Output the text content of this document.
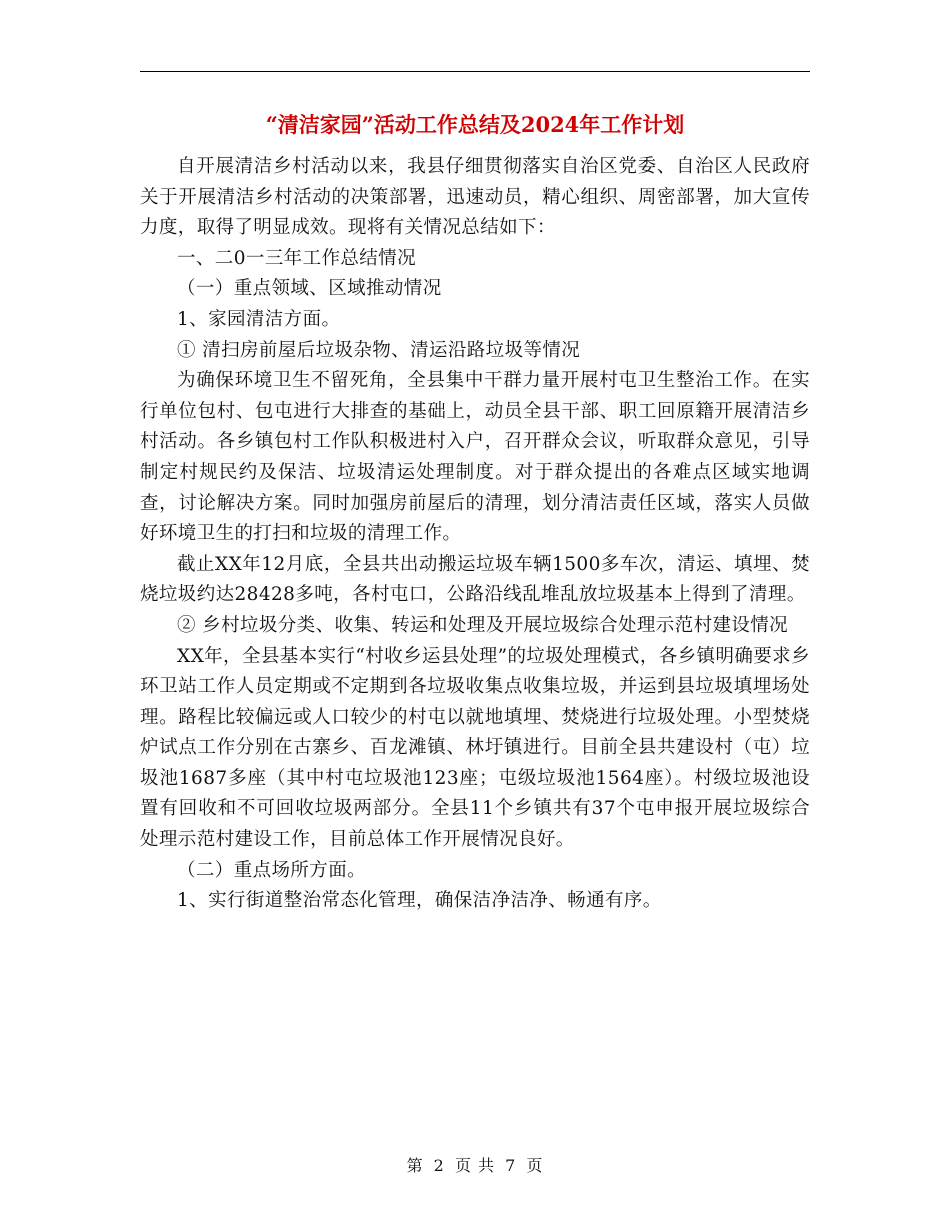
“清洁家园”活动工作总结及2024年工作计划

自开展清洁乡村活动以来，我县仔细贯彻落实自治区党委、自治区人民政府关于开展清洁乡村活动的决策部署，迅速动员，精心组织、周密部署，加大宣传力度，取得了明显成效。现将有关情况总结如下：

一、二0一三年工作总结情况

（一）重点领域、区域推动情况

1、家园清洁方面。

① 清扫房前屋后垃圾杂物、清运沿路垃圾等情况

为确保环境卫生不留死角，全县集中干群力量开展村屯卫生整治工作。在实行单位包村、包屯进行大排查的基础上，动员全县干部、职工回原籍开展清洁乡村活动。各乡镇包村工作队积极进村入户，召开群众会议，听取群众意见，引导制定村规民约及保洁、垃圾清运处理制度。对于群众提出的各难点区域实地调查，讨论解决方案。同时加强房前屋后的清理，划分清洁责任区域，落实人员做好环境卫生的打扫和垃圾的清理工作。

截止XX年12月底，全县共出动搬运垃圾车辆1500多车次，清运、填埋、焚烧垃圾约达28428多吨，各村屯口，公路沿线乱堆乱放垃圾基本上得到了清理。

② 乡村垃圾分类、收集、转运和处理及开展垃圾综合处理示范村建设情况

XX年，全县基本实行“村收乡运县处理”的垃圾处理模式，各乡镇明确要求乡环卫站工作人员定期或不定期到各垃圾收集点收集垃圾，并运到县垃圾填埋场处理。路程比较偏远或人口较少的村屯以就地填埋、焚烧进行垃圾处理。小型焚烧炉试点工作分别在古寨乡、百龙滩镇、林圩镇进行。目前全县共建设村（屯）垃圾池1687多座（其中村屯垃圾池123座；屯级垃圾池1564座）。村级垃圾池设置有回收和不可回收垃圾两部分。全县11个乡镇共有37个屯申报开展垃圾综合处理示范村建设工作，目前总体工作开展情况良好。

（二）重点场所方面。

1、实行街道整治常态化管理，确保洁净洁净、畅通有序。

第 2 页 共 7 页
